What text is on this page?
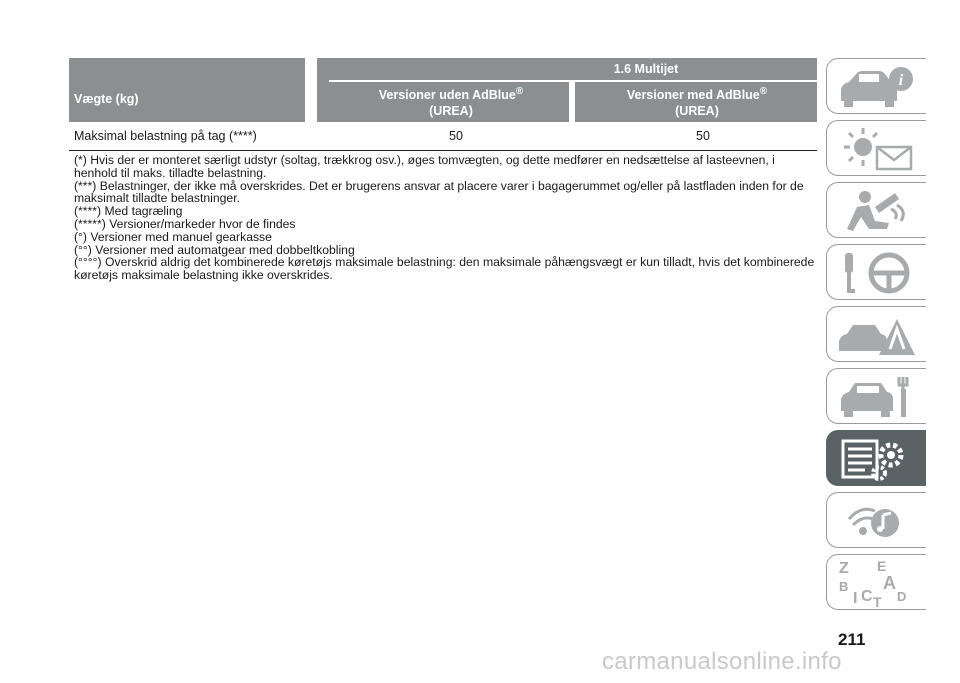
Vægte (kg)
1.6 Multijet
Versioner uden AdBlue®
(UREA)
Versioner med AdBlue®
(UREA)
Maksimal belastning på tag (****)	50	50

(*) Hvis der er monteret særligt udstyr (soltag, trækkrog osv.), øges tomvægten, og dette medfører en nedsættelse af lasteevnen, i henhold til maks. tilladte belastning.

(***) Belastninger, der ikke må overskrides. Det er brugerens ansvar at placere varer i bagagerummet og/eller på lastfladen inden for de maksimalt tilladte belastninger.

(****) Med tagræling

(*****) Versioner/markeder hvor de findes

(°) Versioner med manuel gearkasse

(°°) Versioner med automatgear med dobbeltkobling

(°°°°) Overskrid aldrig det kombinerede køretøjs maksimale belastning: den maksimale påhængsvægt er kun tilladt, hvis det kombinerede køretøjs maksimale belastning ikke overskrides.

i
Z E
B A
I C T D
211
carmanualsonline.info
